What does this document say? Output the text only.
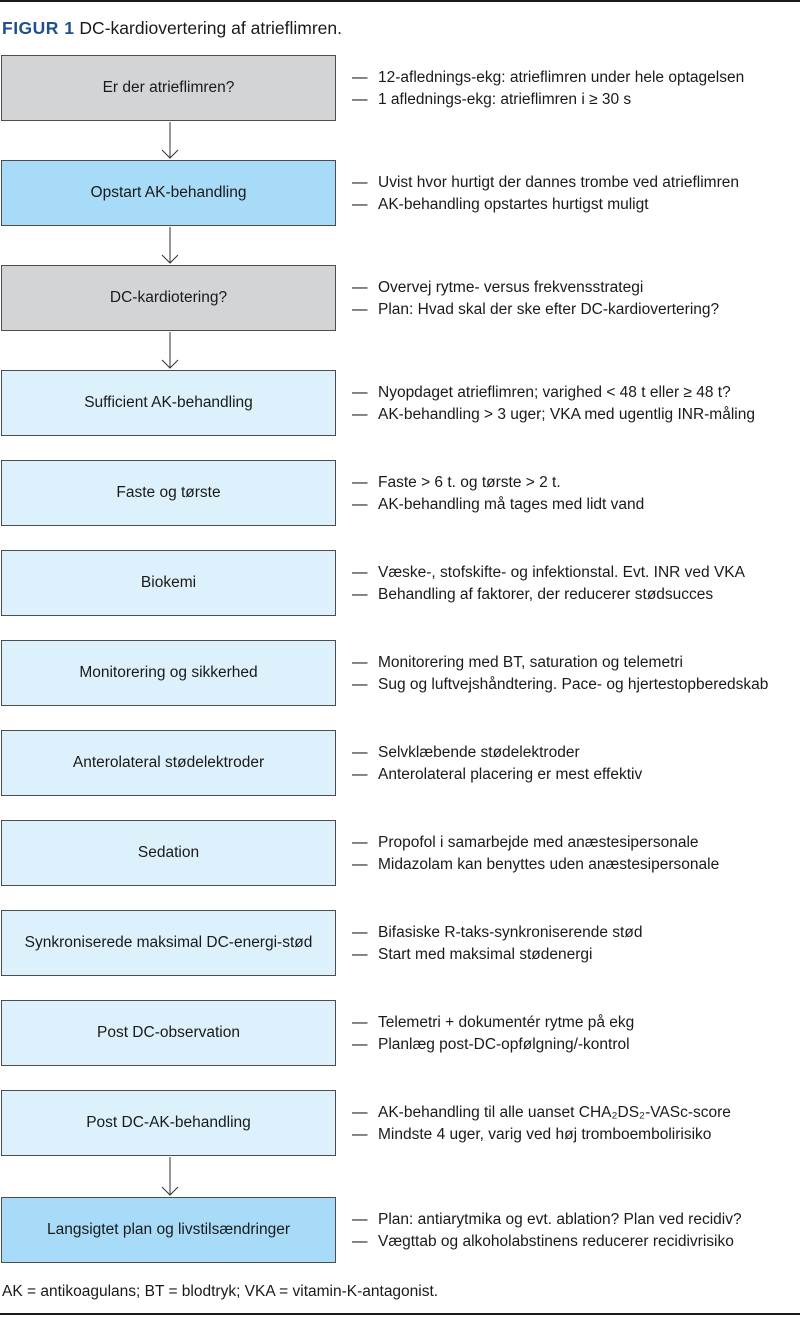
FIGUR 1 DC-kardiovertering af atrieflimren.
Er der atrieflimren?
— 12-aflednings-ekg: atrieflimren under hele optagelsen
— 1 aflednings-ekg: atrieflimren i ≥ 30 s
Opstart AK-behandling
— Uvist hvor hurtigt der dannes trombe ved atrieflimren
— AK-behandling opstartes hurtigst muligt
DC-kardiotering?
— Overvej rytme- versus frekvensstrategi
— Plan: Hvad skal der ske efter DC-kardiovertering?
Sufficient AK-behandling
— Nyopdaget atrieflimren; varighed < 48 t eller ≥ 48 t?
— AK-behandling > 3 uger; VKA med ugentlig INR-måling
Faste og tørste
— Faste > 6 t. og tørste > 2 t.
— AK-behandling må tages med lidt vand
Biokemi
— Væske-, stofskifte- og infektionstal. Evt. INR ved VKA
— Behandling af faktorer, der reducerer stødsucces
Monitorering og sikkerhed
— Monitorering med BT, saturation og telemetri
— Sug og luftvejshåndtering. Pace- og hjertestopberedskab
Anterolateral stødelektroder
— Selvklæbende stødelektroder
— Anterolateral placering er mest effektiv
Sedation
— Propofol i samarbejde med anæstesipersonale
— Midazolam kan benyttes uden anæstesipersonale
Synkroniserede maksimal DC-energi-stød
— Bifasiske R-taks-synkroniserende stød
— Start med maksimal stødenergi
Post DC-observation
— Telemetri + dokumentér rytme på ekg
— Planlæg post-DC-opfølgning/-kontrol
Post DC-AK-behandling
— AK-behandling til alle uanset CHA₂DS₂-VASc-score
— Mindste 4 uger, varig ved høj tromboembolirisiko
Langsigtet plan og livstilsændringer
— Plan: antiarytmika og evt. ablation? Plan ved recidiv?
— Vægttab og alkoholabstinens reducerer recidivrisiko
AK = antikoagulans; BT = blodtryk; VKA = vitamin-K-antagonist.
